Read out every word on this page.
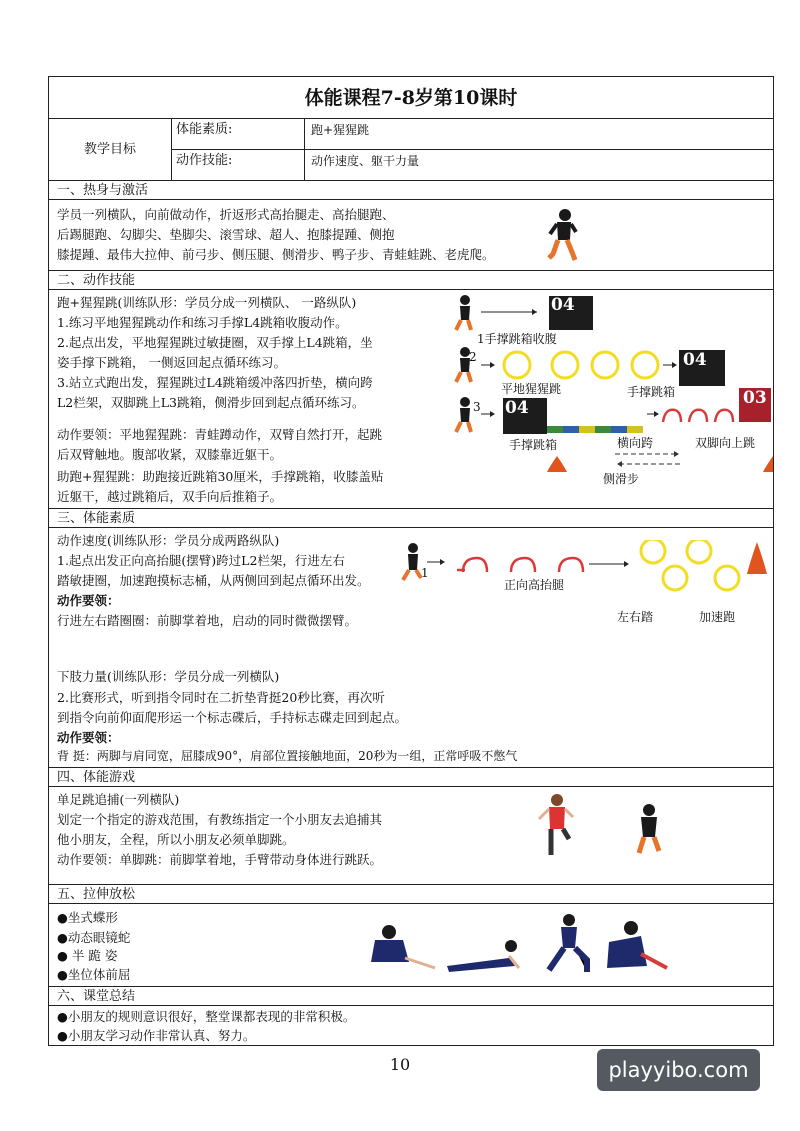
体能课程7-8岁第10课时
教学目标
体能素质:	跑+猩猩跳
动作技能:	动作速度、躯干力量
一、热身与激活
学员一列横队，向前做动作，折返形式高抬腿走、高抬腿跑、
后踢腿跑、勾脚尖、垫脚尖、滚雪球、超人、抱膝提踵、侧抱
膝提踵、最伟大拉伸、前弓步、侧压腿、侧滑步、鸭子步、青蛙蛙跳、老虎爬。
二、动作技能
跑+猩猩跳(训练队形：学员分成一列横队、 一路纵队)
1.练习平地猩猩跳动作和练习手撑L4跳箱收腹动作。
2.起点出发，平地猩猩跳过敏捷圈，双手撑上L4跳箱，坐
姿手撑下跳箱， 一侧返回起点循环练习。
3.站立式跑出发，猩猩跳过L4跳箱缓冲落四折垫，横向跨
L2栏架，双脚跳上L3跳箱，侧滑步回到起点循环练习。
动作要领：平地猩猩跳：青蛙蹲动作，双臂自然打开，起跳
后双臂触地。腹部收紧，双膝靠近躯干。
助跑+猩猩跳：助跑接近跳箱30厘米，手撑跳箱，收膝盖贴
近躯干，越过跳箱后，双手向后推箱子。
04
04
04	03
2
3
1手撑跳箱收腹
平地猩猩跳	手撑跳箱
手撑跳箱	横向跨	双脚向上跳
侧滑步
三、体能素质
动作速度(训练队形：学员分成两路纵队)
1.起点出发正向高抬腿(摆臂)跨过L2栏架，行进左右
踏敏捷圈，加速跑摸标志桶，从两侧回到起点循环出发。
动作要领：
行进左右踏圈圈：前脚掌着地，启动的同时微微摆臂。
下肢力量(训练队形：学员分成一列横队)
2.比赛形式，听到指令同时在二折垫背挺20秒比赛，再次听
到指令向前仰面爬形运一个标志碟后，手持标志碟走回到起点。
动作要领：
背 挺：两脚与肩同宽，屈膝成90°，肩部位置接触地面，20秒为一组，正常呼吸不憋气
1
正向高抬腿
左右踏	加速跑
四、体能游戏
单足跳追捕(一列横队)
划定一个指定的游戏范围，有教练指定一个小朋友去追捕其
他小朋友，全程，所以小朋友必须单脚跳。
动作要领：单脚跳：前脚掌着地，手臂带动身体进行跳跃。
五、拉伸放松
●坐式蝶形
●动态眼镜蛇
● 半 跪 姿
●坐位体前屈
六、课堂总结
●小朋友的规则意识很好，整堂课都表现的非常积极。
●小朋友学习动作非常认真、努力。
10	playyibo.com
